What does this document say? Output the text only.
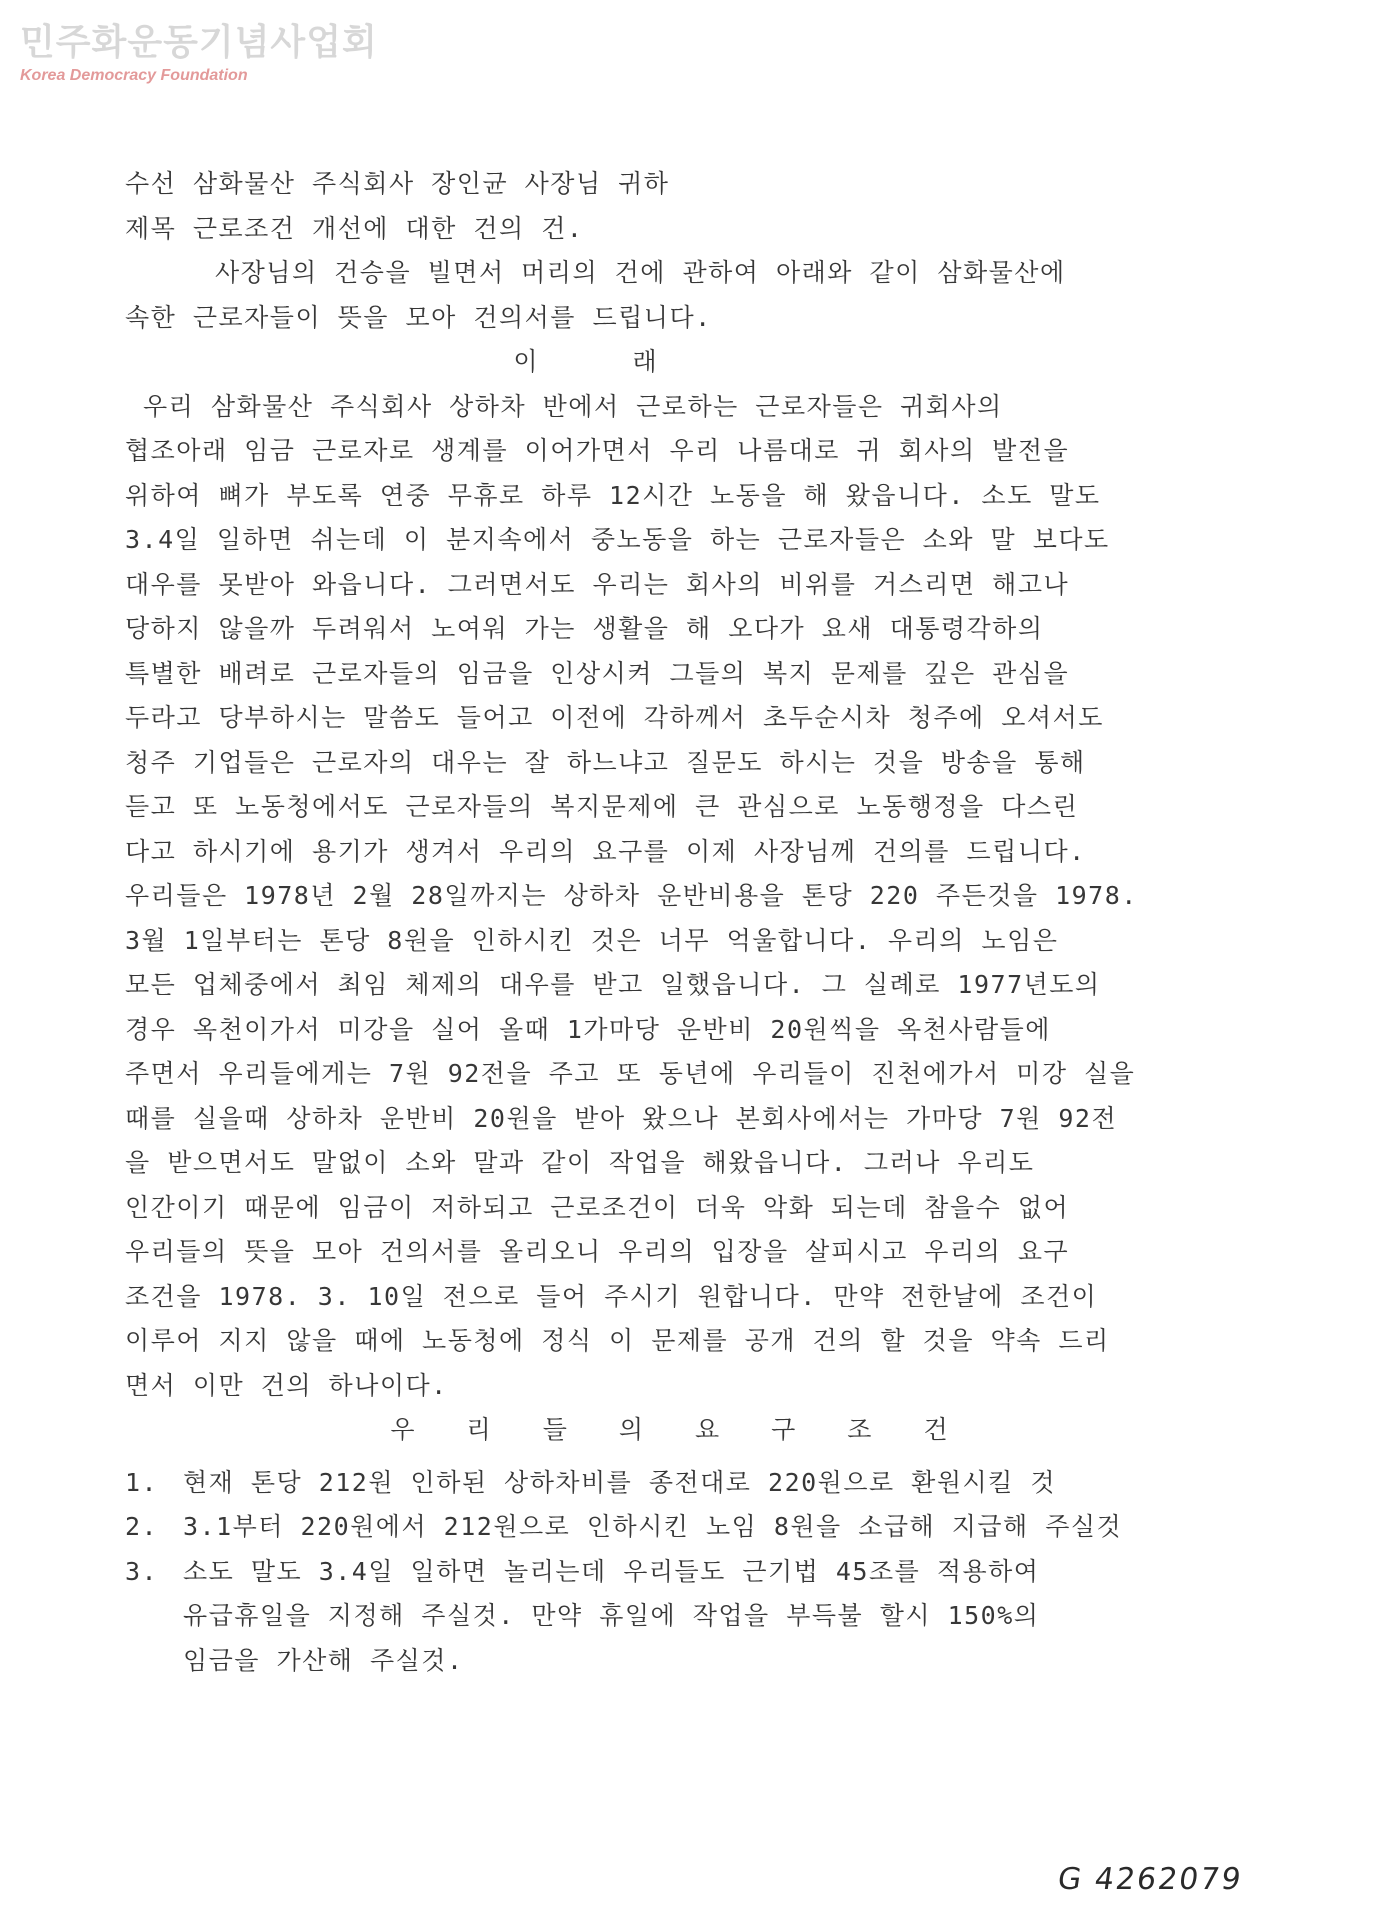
민주화운동기념사업회
Korea Democracy Foundation
수선 삼화물산 주식회사 장인균 사장님 귀하
제목 근로조건 개선에 대한 건의 건.
사장님의 건승을 빌면서 머리의 건에 관하여 아래와 같이 삼화물산에
속한 근로자들이 뜻을 모아 건의서를 드립니다.
이 래
우리 삼화물산 주식회사 상하차 반에서 근로하는 근로자들은 귀회사의
협조아래 임금 근로자로 생계를 이어가면서 우리 나름대로 귀 회사의 발전을
위하여 뼈가 부도록 연중 무휴로 하루 12시간 노동을 해 왔읍니다. 소도 말도
3.4일 일하면 쉬는데 이 분지속에서 중노동을 하는 근로자들은 소와 말 보다도
대우를 못받아 와읍니다. 그러면서도 우리는 회사의 비위를 거스리면 해고나
당하지 않을까 두려워서 노여워 가는 생활을 해 오다가 요새 대통령각하의
특별한 배려로 근로자들의 임금을 인상시켜 그들의 복지 문제를 깊은 관심을
두라고 당부하시는 말씀도 들어고 이전에 각하께서 초두순시차 청주에 오셔서도
청주 기업들은 근로자의 대우는 잘 하느냐고 질문도 하시는 것을 방송을 통해
듣고 또 노동청에서도 근로자들의 복지문제에 큰 관심으로 노동행정을 다스린
다고 하시기에 용기가 생겨서 우리의 요구를 이제 사장님께 건의를 드립니다.
우리들은 1978년 2월 28일까지는 상하차 운반비용을 톤당 220 주든것을 1978.
3월 1일부터는 톤당 8원을 인하시킨 것은 너무 억울합니다. 우리의 노임은
모든 업체중에서 최임 체제의 대우를 받고 일했읍니다. 그 실례로 1977년도의
경우 옥천이가서 미강을 실어 올때 1가마당 운반비 20원씩을 옥천사람들에
주면서 우리들에게는 7원 92전을 주고 또 동년에 우리들이 진천에가서 미강 실을
때를 실을때 상하차 운반비 20원을 받아 왔으나 본회사에서는 가마당 7원 92전
을 받으면서도 말없이 소와 말과 같이 작업을 해왔읍니다. 그러나 우리도
인간이기 때문에 임금이 저하되고 근로조건이 더욱 악화 되는데 참을수 없어
우리들의 뜻을 모아 건의서를 올리오니 우리의 입장을 살피시고 우리의 요구
조건을 1978. 3. 10일 전으로 들어 주시기 원합니다. 만약 전한날에 조건이
이루어 지지 않을 때에 노동청에 정식 이 문제를 공개 건의 할 것을 약속 드리
면서 이만 건의 하나이다.
우리들의요구조건
1. 현재 톤당 212원 인하된 상하차비를 종전대로 220원으로 환원시킬 것
2. 3.1부터 220원에서 212원으로 인하시킨 노임 8원을 소급해 지급해 주실것
3. 소도 말도 3.4일 일하면 놀리는데 우리들도 근기법 45조를 적용하여
유급휴일을 지정해 주실것. 만약 휴일에 작업을 부득불 할시 150%의
임금을 가산해 주실것.
G 4262079
